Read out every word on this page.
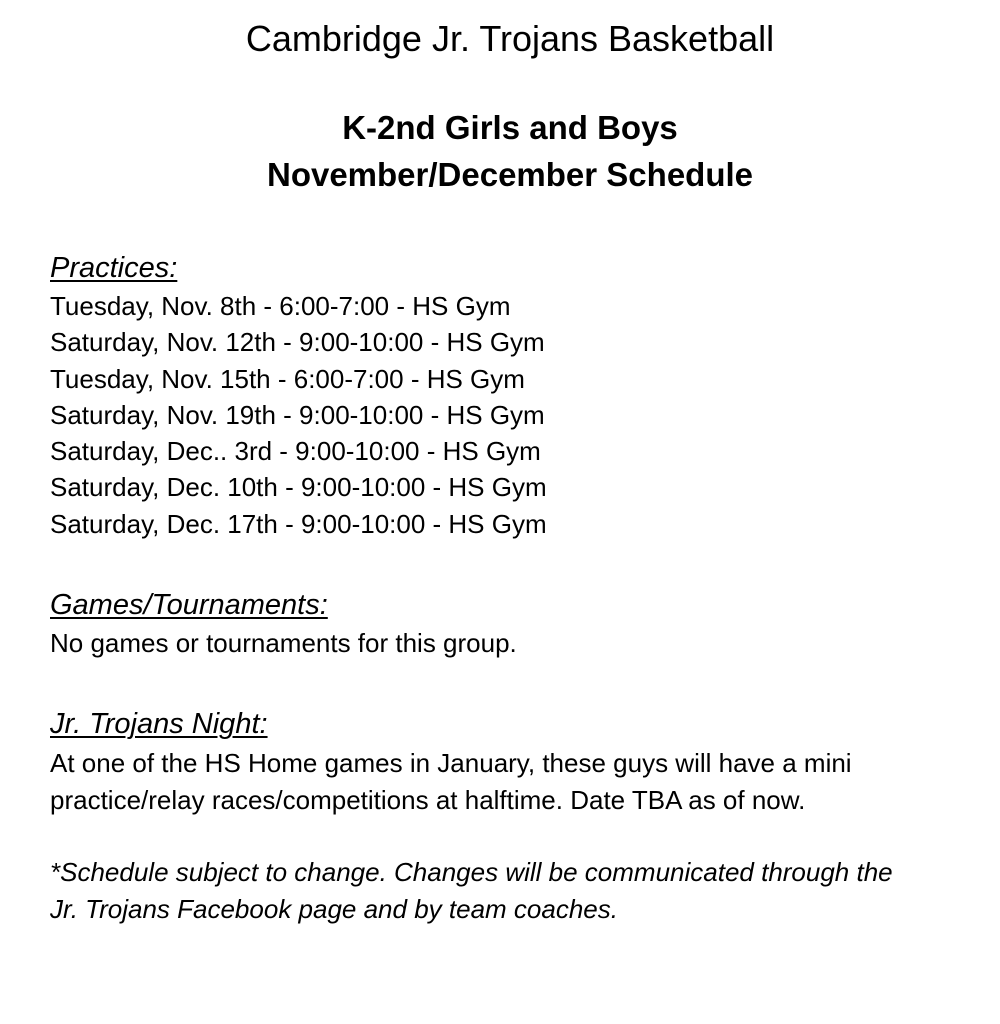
Cambridge Jr. Trojans Basketball
K-2nd Girls and Boys
November/December Schedule

Practices:

Tuesday, Nov. 8th - 6:00-7:00 - HS Gym
Saturday, Nov. 12th - 9:00-10:00 - HS Gym
Tuesday, Nov. 15th - 6:00-7:00 - HS Gym
Saturday, Nov. 19th - 9:00-10:00 - HS Gym
Saturday, Dec.. 3rd - 9:00-10:00 - HS Gym
Saturday, Dec. 10th - 9:00-10:00 - HS Gym
Saturday, Dec. 17th - 9:00-10:00 - HS Gym

Games/Tournaments:

No games or tournaments for this group.

Jr. Trojans Night:

At one of the HS Home games in January, these guys will have a mini

practice/relay races/competitions at halftime. Date TBA as of now.

*Schedule subject to change. Changes will be communicated through the

Jr. Trojans Facebook page and by team coaches.
